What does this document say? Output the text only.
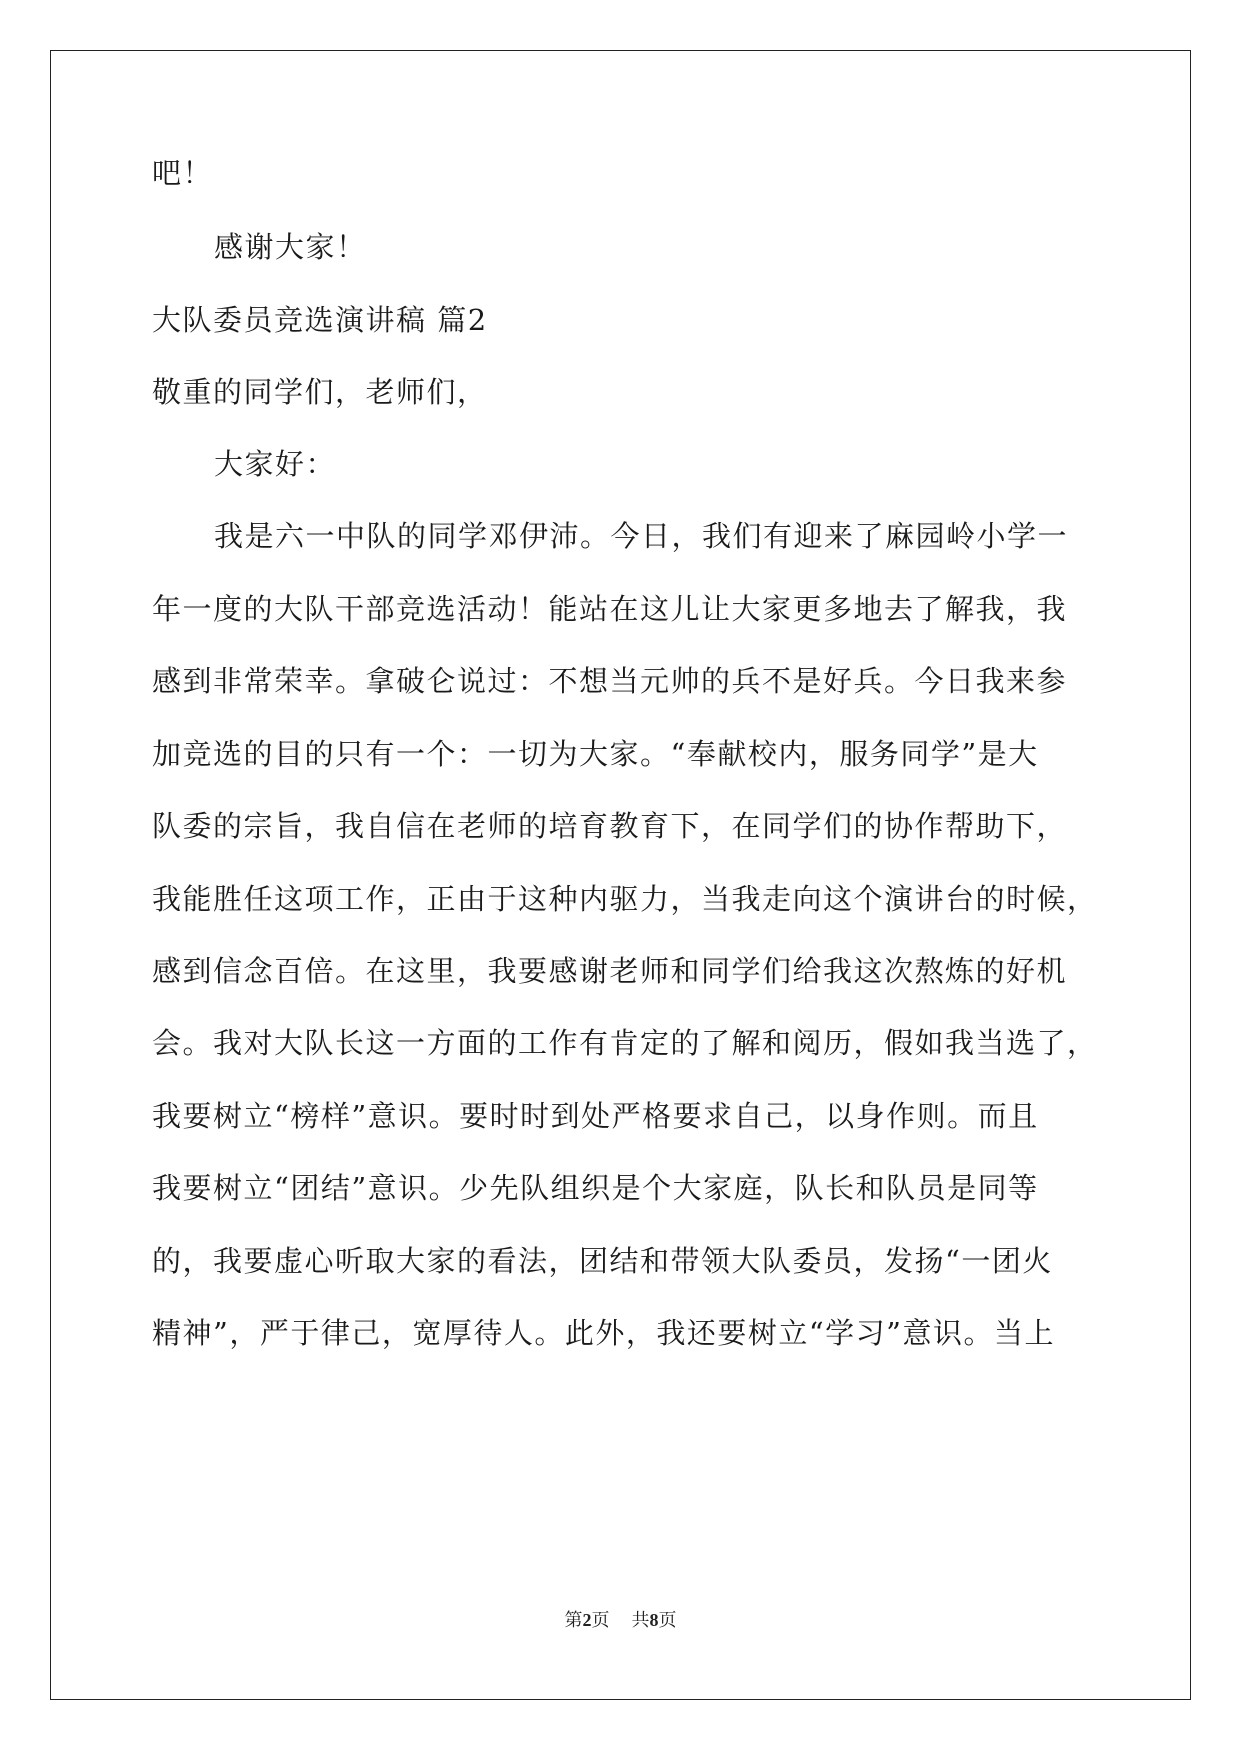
吧！
感谢大家！
大队委员竞选演讲稿 篇2
敬重的同学们，老师们，
大家好：
我是六一中队的同学邓伊沛。今日，我们有迎来了麻园岭小学一
年一度的大队干部竞选活动！能站在这儿让大家更多地去了解我，我
感到非常荣幸。拿破仑说过：不想当元帅的兵不是好兵。今日我来参
加竞选的目的只有一个：一切为大家。“奉献校内，服务同学”是大
队委的宗旨，我自信在老师的培育教育下，在同学们的协作帮助下，
我能胜任这项工作，正由于这种内驱力，当我走向这个演讲台的时候，
感到信念百倍。在这里，我要感谢老师和同学们给我这次熬炼的好机
会。我对大队长这一方面的工作有肯定的了解和阅历，假如我当选了，
我要树立“榜样”意识。要时时到处严格要求自己，以身作则。而且
我要树立“团结”意识。少先队组织是个大家庭，队长和队员是同等
的，我要虚心听取大家的看法，团结和带领大队委员，发扬“一团火
精神”，严于律己，宽厚待人。此外，我还要树立“学习”意识。当上
第2页 共8页
